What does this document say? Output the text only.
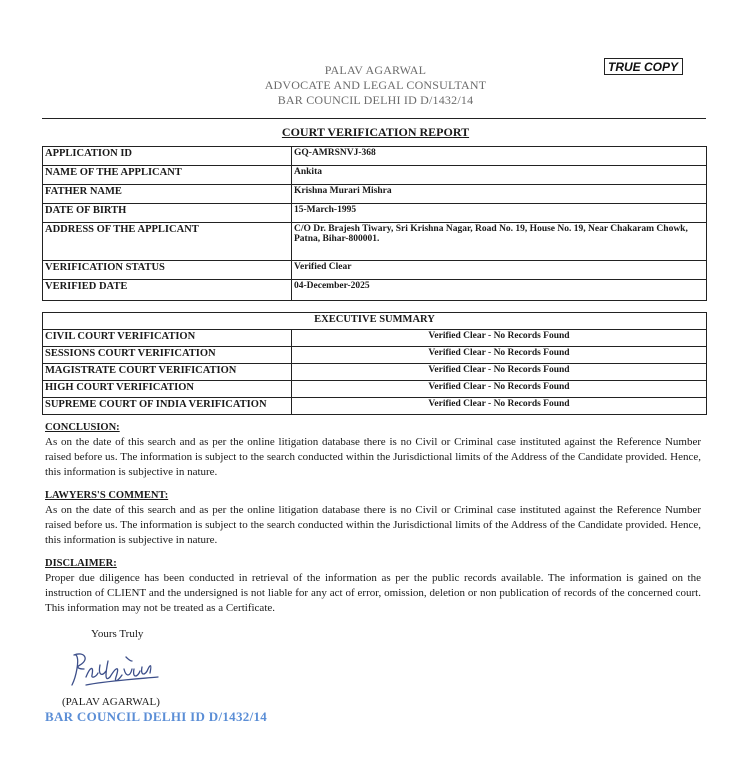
TRUE COPY
PALAV AGARWAL
ADVOCATE AND LEGAL CONSULTANT
BAR COUNCIL DELHI ID D/1432/14
COURT VERIFICATION REPORT
APPLICATION ID	GQ-AMRSNVJ-368
NAME OF THE APPLICANT	Ankita
FATHER NAME	Krishna Murari Mishra
DATE OF BIRTH	15-March-1995
ADDRESS OF THE APPLICANT	C/O Dr. Brajesh Tiwary, Sri Krishna Nagar, Road No. 19, House No. 19, Near Chakaram Chowk, Patna, Bihar-800001.
VERIFICATION STATUS	Verified Clear
VERIFIED DATE	04-December-2025
EXECUTIVE SUMMARY	
CIVIL COURT VERIFICATION	Verified Clear - No Records Found
SESSIONS COURT VERIFICATION	Verified Clear - No Records Found
MAGISTRATE COURT VERIFICATION	Verified Clear - No Records Found
HIGH COURT VERIFICATION	Verified Clear - No Records Found
SUPREME COURT OF INDIA VERIFICATION	Verified Clear - No Records Found
CONCLUSION:

As on the date of this search and as per the online litigation database there is no Civil or Criminal case instituted against the Reference Number raised before us. The information is subject to the search conducted within the Jurisdictional limits of the Address of the Candidate provided. Hence, this information is subjective in nature.

LAWYERS'S COMMENT:

As on the date of this search and as per the online litigation database there is no Civil or Criminal case instituted against the Reference Number raised before us. The information is subject to the search conducted within the Jurisdictional limits of the Address of the Candidate provided. Hence, this information is subjective in nature.

DISCLAIMER:

Proper due diligence has been conducted in retrieval of the information as per the public records available. The information is gained on the instruction of CLIENT and the undersigned is not liable for any act of error, omission, deletion or non publication of records of the concerned court. This information may not be treated as a Certificate.

Yours Truly
(PALAV AGARWAL)
BAR COUNCIL DELHI ID D/1432/14
